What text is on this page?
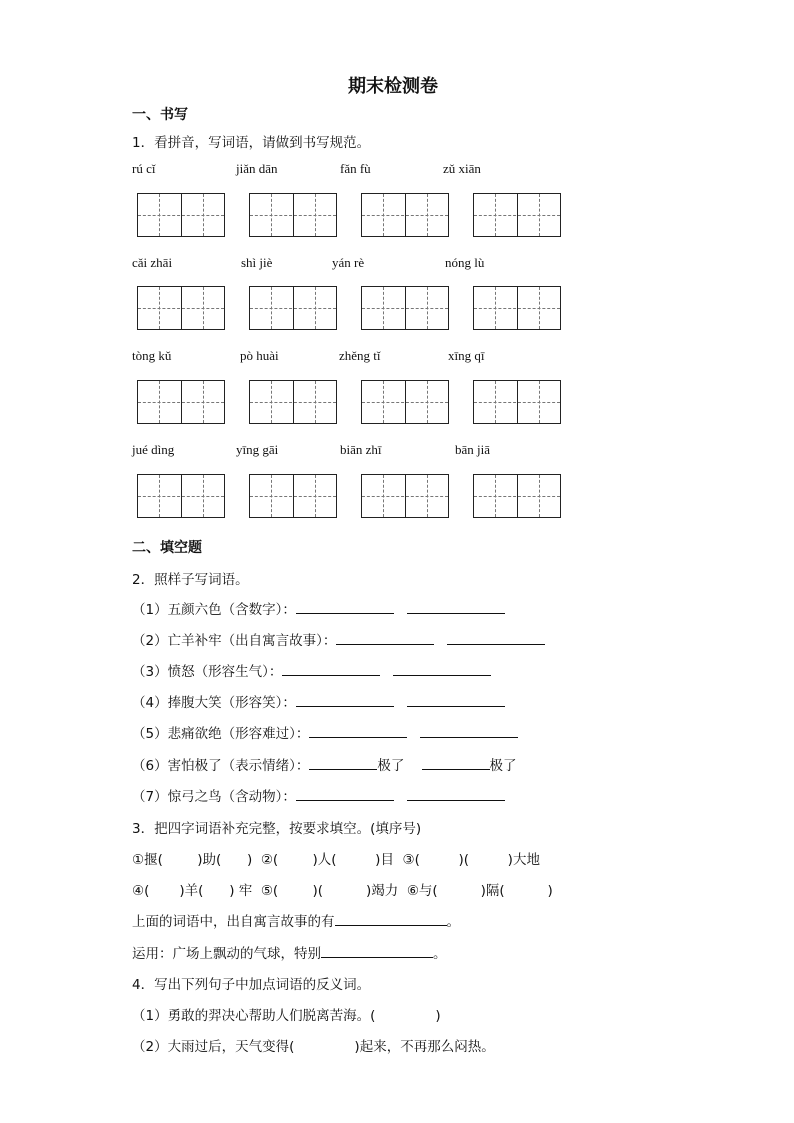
期末检测卷
一、书写
1．看拼音，写词语，请做到书写规范。
rú cǐ	jiǎn dān	fǎn fù	zǔ xiān
cǎi zhāi	shì jiè	yán rè	nóng lù
tòng kǔ	pò huài	zhěng tǐ	xīng qī
jué dìng	yīng gāi	biān zhī	bān jiā
二、填空题
2．照样子写词语。
（1）五颜六色（含数字）：
（2）亡羊补牢（出自寓言故事）：
（3）愤怒（形容生气）：
（4）捧腹大笑（形容笑）：
（5）悲痛欲绝（形容难过）：
（6）害怕极了（表示情绪）：	极了	极了
（7）惊弓之鸟（含动物）：
3．把四字词语补充完整，按要求填空。(填序号)
①揠(        )助(      )  ②(        )人(         )目  ③(         )(         )大地
④(       )羊(      ) 牢  ⑤(        )(          )竭力  ⑥与(          )隔(          )
上面的词语中，出自寓言故事的有	。
运用：广场上飘动的气球，特别	。
4．写出下列句子中加点词语的反义词。
（1）勇敢的羿决心帮助人们脱离苦海。(              )
（2）大雨过后，天气变得(              )起来，不再那么闷热。
